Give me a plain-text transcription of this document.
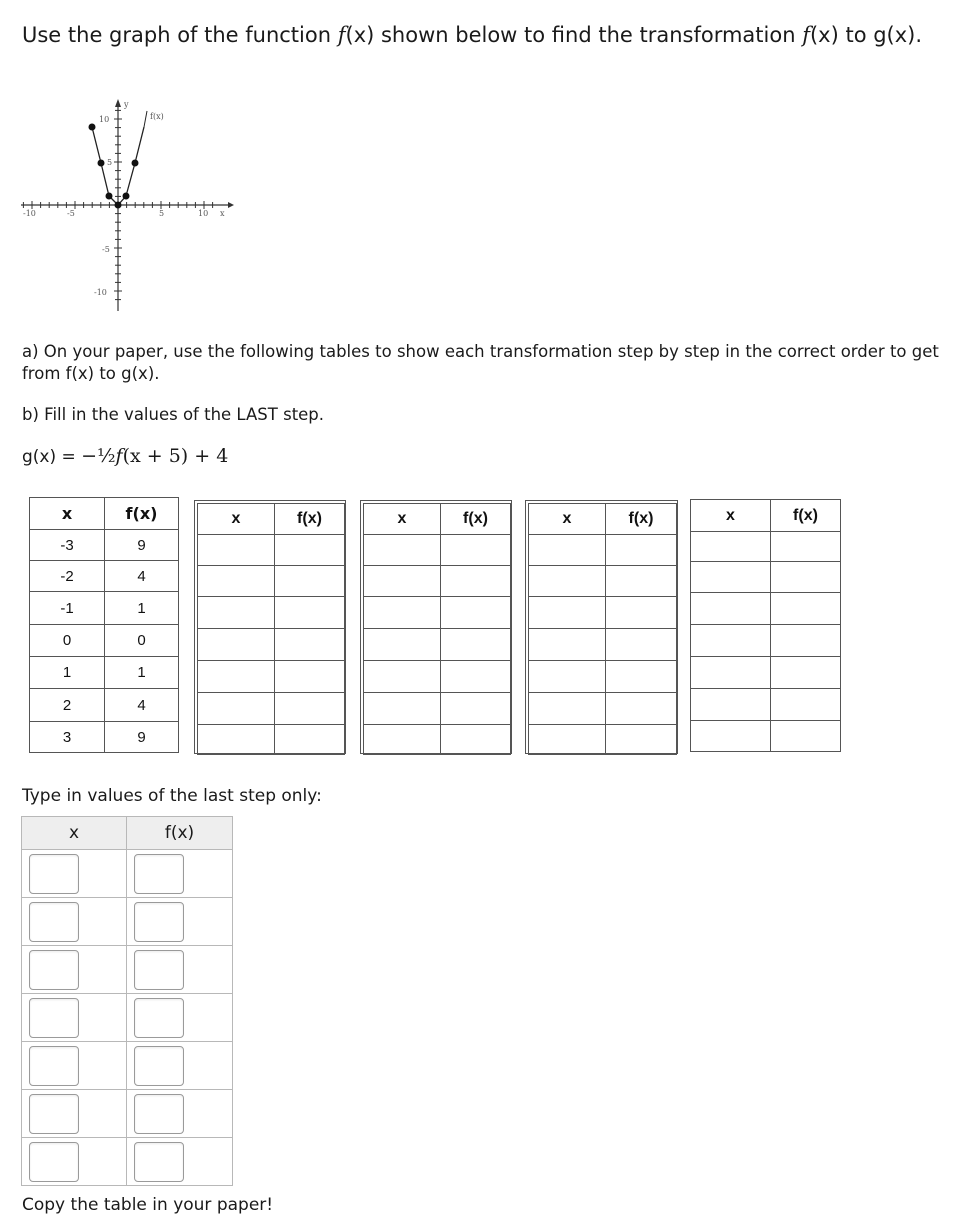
Use the graph of the function f(x) shown below to find the transformation f(x) to g(x).
-10	-5	5	10 x
10
5
-5
-10
y
f(x)
a) On your paper, use the following tables to show each transformation step by step in the correct order to get from f(x) to g(x).
b) Fill in the values of the LAST step.
g(x) = −½f(x + 5) + 4
x	f(x)
-3	9
-2	4
-1	1
0	0
1	1
2	4
3	9
x	f(x)

		x	f(x)

		x	f(x)

		x	f(x)

Type in values of the last step only:
x	f(x)

Copy the table in your paper!
